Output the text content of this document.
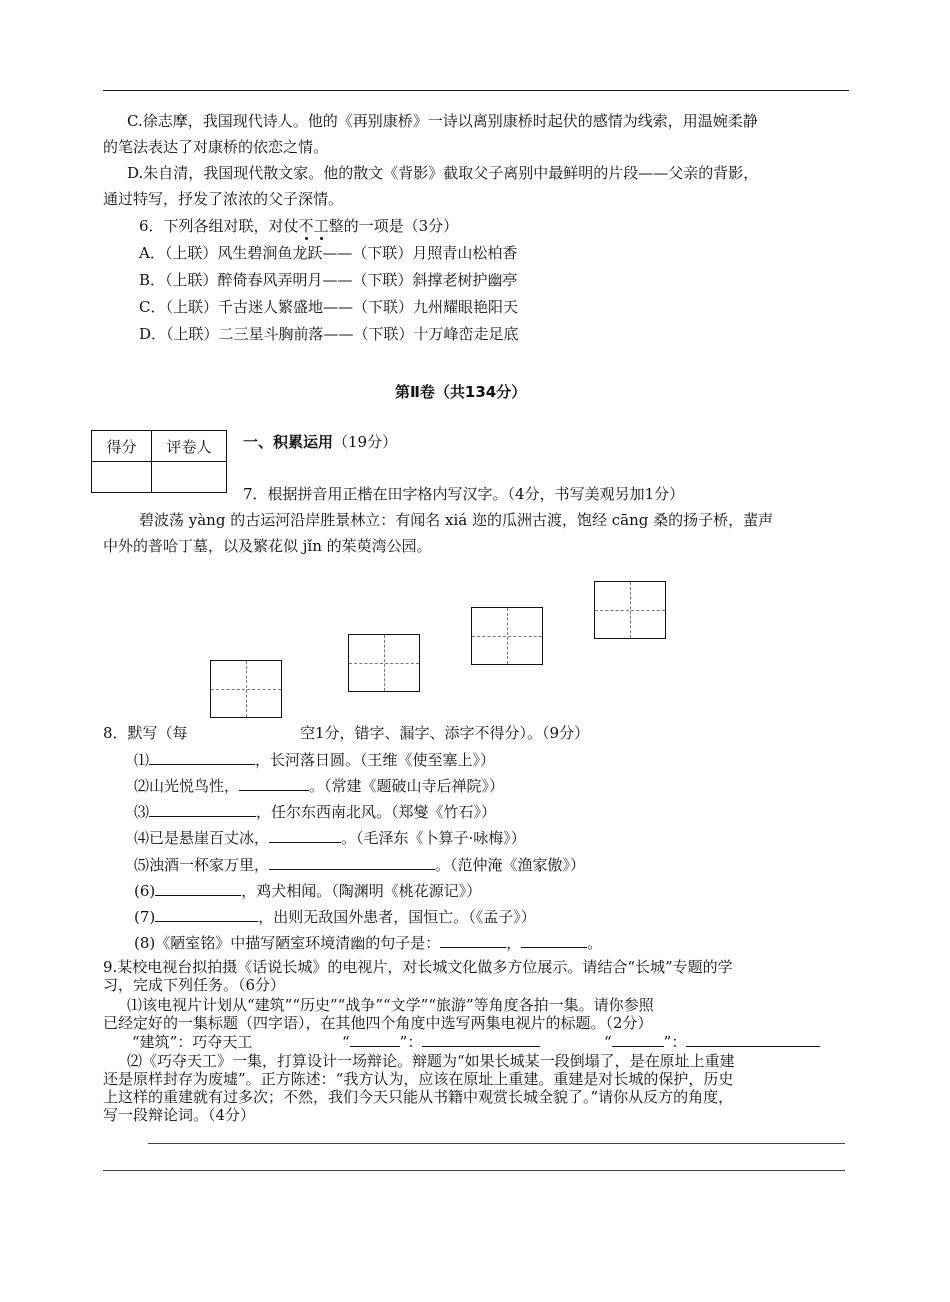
C.徐志摩，我国现代诗人。他的《再别康桥》一诗以离别康桥时起伏的感情为线索，用温婉柔静
的笔法表达了对康桥的依恋之情。
D.朱自清，我国现代散文家。他的散文《背影》截取父子离别中最鲜明的片段——父亲的背影，
通过特写，抒发了浓浓的父子深情。
6．下列各组对联，对仗不工整的一项是（3分）
A．（上联）风生碧涧鱼龙跃——（下联）月照青山松柏香
B．（上联）醉倚春风弄明月——（下联）斜撑老树护幽亭
C．（上联）千古迷人繁盛地——（下联）九州耀眼艳阳天
D．（上联）二三星斗胸前落——（下联）十万峰峦走足底
第Ⅱ卷（共134分）
得分	评卷人
	一、积累运用（19分）
7．根据拼音用正楷在田字格内写汉字。（4分，书写美观另加1分）
碧波荡 yàng 的古运河沿岸胜景林立：有闻名 xiá 迩的瓜洲古渡，饱经 cāng 桑的扬子桥，蜚声
中外的普哈丁墓，以及繁花似 jǐn 的茱萸湾公园。
8．默写（每	空1分，错字、漏字、添字不得分）。（9分）
⑴	，长河落日圆。（王维《使至塞上》）
⑵山光悦鸟性，	。（常建《题破山寺后禅院》）
⑶	，任尔东西南北风。（郑燮《竹石》）
⑷已是悬崖百丈冰，	。（毛泽东《卜算子·咏梅》）
⑸浊酒一杯家万里，	。（范仲淹《渔家傲》）
(6)	，鸡犬相闻。（陶渊明《桃花源记》）
(7)	，出则无敌国外患者，国恒亡。（《孟子》）
(8)《陋室铭》中描写陋室环境清幽的句子是：	，	。
9.某校电视台拟拍摄《话说长城》的电视片，对长城文化做多方位展示。请结合“长城”专题的学
习，完成下列任务。（6分）
⑴该电视片计划从“建筑”“历史”“战争”“文学”“旅游”等角度各拍一集。请你参照
已经定好的一集标题（四字语），在其他四个角度中选写两集电视片的标题。（2分）
“建筑”：巧夺天工	“	”：	“	”：
⑵《巧夺天工》一集，打算设计一场辩论。辩题为“如果长城某一段倒塌了，是在原址上重建
还是原样封存为废墟”。正方陈述：“我方认为，应该在原址上重建。重建是对长城的保护，历史
上这样的重建就有过多次；不然，我们今天只能从书籍中观赏长城全貌了。”请你从反方的角度，
写一段辩论词。（4分）
